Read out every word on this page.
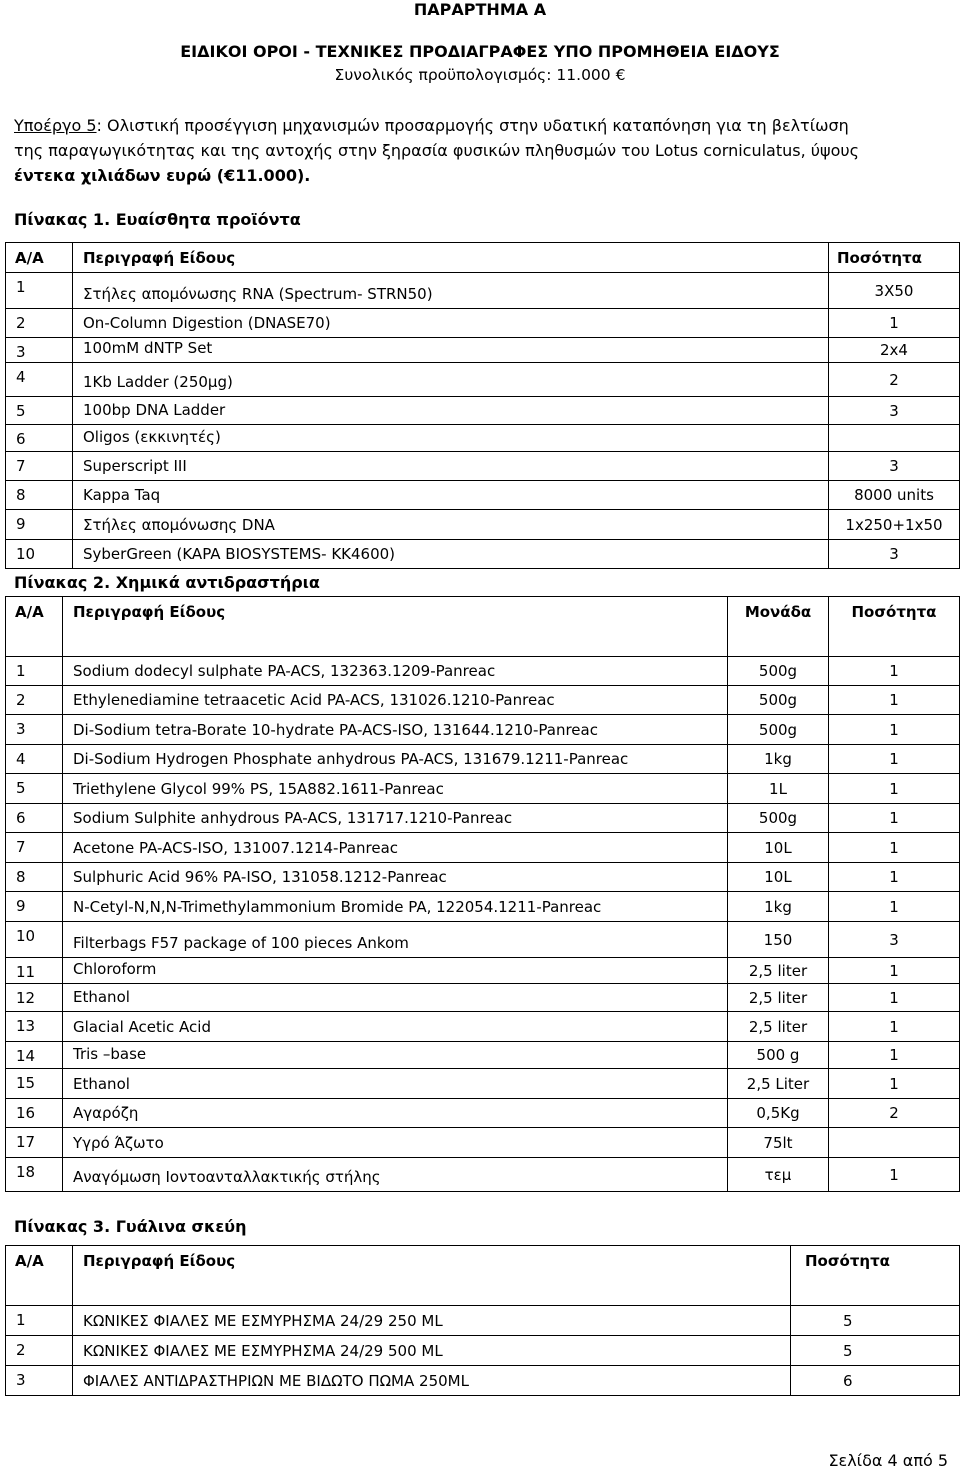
ΠΑΡΑΡΤΗΜΑ Α
ΕΙΔΙΚΟΙ ΟΡΟΙ - ΤΕΧΝΙΚΕΣ ΠΡΟΔΙΑΓΡΑΦΕΣ ΥΠΟ ΠΡΟΜΗΘΕΙΑ ΕΙΔΟΥΣ
Συνολικός προϋπολογισμός: 11.000 €
Υποέργο 5: Ολιστική προσέγγιση μηχανισμών προσαρμογής στην υδατική καταπόνηση για τη βελτίωση
της παραγωγικότητας και της αντοχής στην ξηρασία φυσικών πληθυσμών του Lotus corniculatus, ύψους
έντεκα χιλιάδων ευρώ (€11.000).
Πίνακας 1. Ευαίσθητα προϊόντα
Α/Α	Περιγραφή Είδους	Ποσότητα
1	Στήλες απομόνωσης RNA (Spectrum- STRN50)	3X50
2	On-Column Digestion (DNASE70)	1
3	100mM dNTP Set	2x4
4	1Kb Ladder (250μg)	2
5	100bp DNA Ladder	3
6	Oligos (εκκινητές)	
7	Superscript III	3
8	Kappa Taq	8000 units
9	Στήλες απομόνωσης DNA	1x250+1x50
10	SyberGreen (KAPA BIOSYSTEMS- KK4600)	3
Πίνακας 2. Χημικά αντιδραστήρια
Α/Α	Περιγραφή Είδους	Μονάδα	Ποσότητα
1	Sodium dodecyl sulphate PA-ACS, 132363.1209-Panreac	500g	1
2	Ethylenediamine tetraacetic Acid PA-ACS, 131026.1210-Panreac	500g	1
3	Di-Sodium tetra-Borate 10-hydrate PA-ACS-ISO, 131644.1210-Panreac	500g	1
4	Di-Sodium Hydrogen Phosphate anhydrous PA-ACS, 131679.1211-Panreac	1kg	1
5	Triethylene Glycol 99% PS, 15A882.1611-Panreac	1L	1
6	Sodium Sulphite anhydrous PA-ACS, 131717.1210-Panreac	500g	1
7	Acetone PA-ACS-ISO, 131007.1214-Panreac	10L	1
8	Sulphuric Acid 96% PA-ISO, 131058.1212-Panreac	10L	1
9	N-Cetyl-N,N,N-Trimethylammonium Bromide PA, 122054.1211-Panreac	1kg	1
10	Filterbags F57 package of 100 pieces Ankom	150	3
11	Chloroform	2,5 liter	1
12	Ethanol	2,5 liter	1
13	Glacial Acetic Acid	2,5 liter	1
14	Tris –base	500 g	1
15	Ethanol	2,5 Liter	1
16	Αγαρόζη	0,5Kg	2
17	Υγρό Άζωτο	75lt	
18	Αναγόμωση Ιοντοανταλλακτικής στήλης	τεμ	1
Πίνακας 3. Γυάλινα σκεύη
Α/Α	Περιγραφή Είδους	Ποσότητα
1	ΚΩΝΙΚΕΣ ΦΙΑΛΕΣ ΜΕ ΕΣΜΥΡΗΣΜΑ 24/29 250 ML	5
2	ΚΩΝΙΚΕΣ ΦΙΑΛΕΣ ΜΕ ΕΣΜΥΡΗΣΜΑ 24/29 500 ML	5
3	ΦΙΑΛΕΣ ΑΝΤΙΔΡΑΣΤΗΡΙΩΝ ΜΕ ΒΙΔΩΤΟ ΠΩΜΑ 250ML	6
Σελίδα 4 από 5
